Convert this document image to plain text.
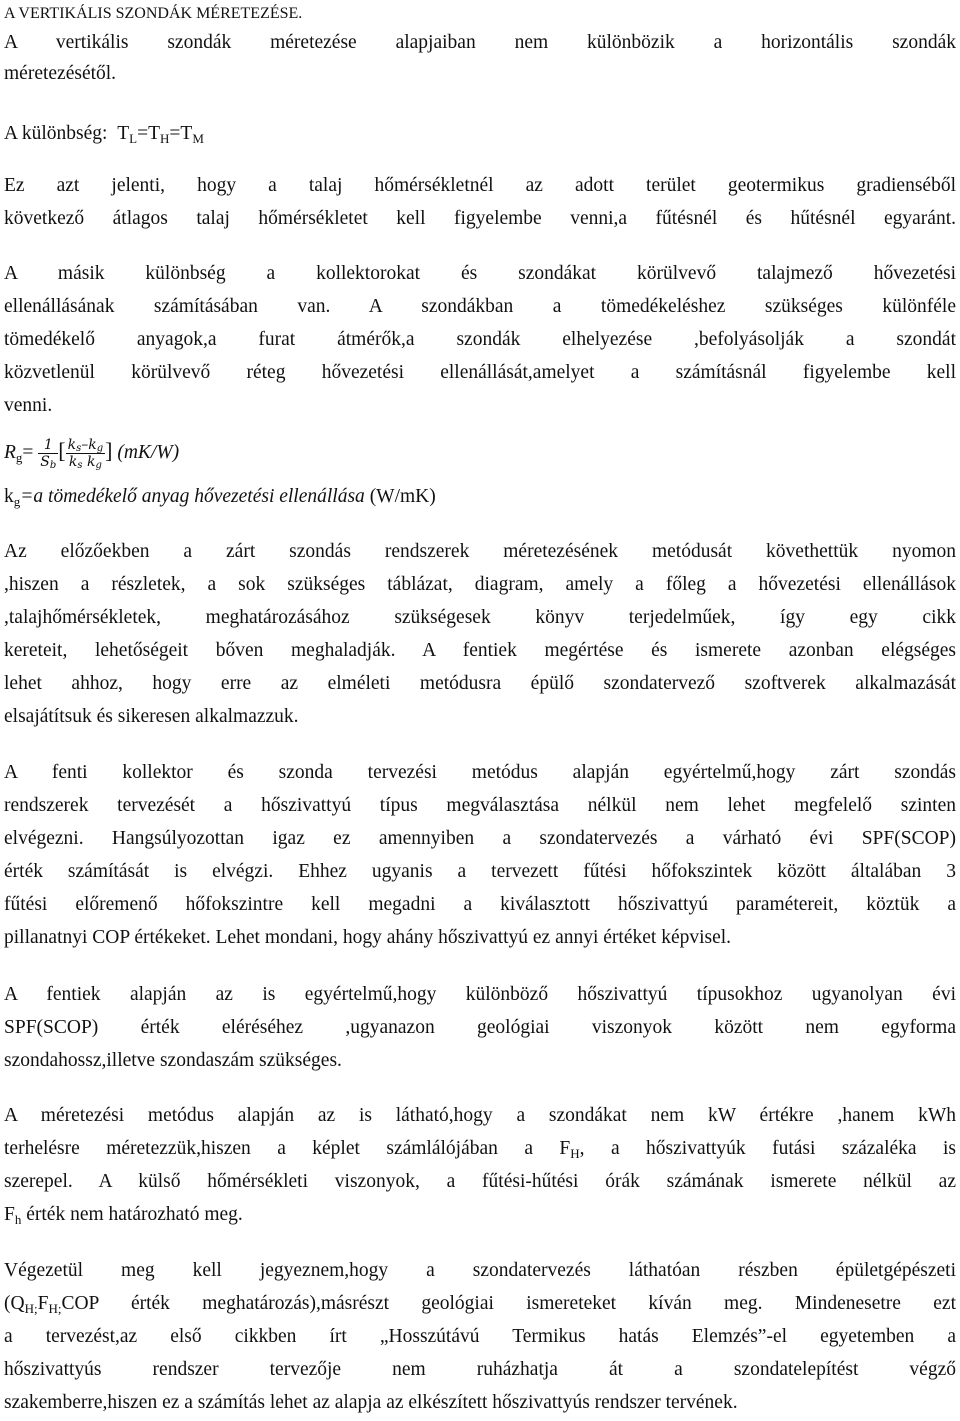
A VERTIKÁLIS SZONDÁK MÉRETEZÉSE.
A vertikális szondák méretezése alapjaiban nem különbözik a horizontális szondák
méretezésétől.
A különbség: $T_L=T_H=T_M$
Ez azt jelenti, hogy a talaj hőmérsékletnél az adott terület geotermikus gradienséből
következő átlagos talaj hőmérsékletet kell figyelembe venni,a fűtésnél és hűtésnél egyaránt.
A másik különbség a kollektorokat és szondákat körülvevő talajmező hővezetési
ellenállásának számításában van. A szondákban a tömedékeléshez szükséges különféle
tömedékelő anyagok,a furat átmérők,a szondák elhelyezése ,befolyásolják a szondát
közvetlenül körülvevő réteg hővezetési ellenállását,amelyet a számításnál figyelembe kell
venni.
$R_g= \frac{1}{S_b}$ [ $\frac{k_s-k_g}{k_s k_g}$ ] (mK/W)
$k_g=a$ tömedékelő anyag hővezetési ellenállása (W/mK)
Az előzőekben a zárt szondás rendszerek méretezésének metódusát követhettük nyomon
,hiszen a részletek, a sok szükséges táblázat, diagram, amely a főleg a hővezetési ellenállások
,talajhőmérsékletek, meghatározásához szükségesek könyv terjedelműek, így egy cikk
kereteit, lehetőségeit bőven meghaladják. A fentiek megértése és ismerete azonban elégséges
lehet ahhoz, hogy erre az elméleti metódusra épülő szondatervező szoftverek alkalmazását
elsajátítsuk és sikeresen alkalmazzuk.
A fenti kollektor és szonda tervezési metódus alapján egyértelmű,hogy zárt szondás
rendszerek tervezését a hőszivattyú típus megválasztása nélkül nem lehet megfelelő szinten
elvégezni. Hangsúlyozottan igaz ez amennyiben a szondatervezés a várható évi SPF(SCOP)
érték számítását is elvégzi. Ehhez ugyanis a tervezett fűtési hőfokszintek között általában 3
fűtési előremenő hőfokszintre kell megadni a kiválasztott hőszivattyú paramétereit, köztük a
pillanatnyi COP értékeket. Lehet mondani, hogy ahány hőszivattyú ez annyi értéket képvisel.
A fentiek alapján az is egyértelmű,hogy különböző hőszivattyú típusokhoz ugyanolyan évi
SPF(SCOP) érték eléréséhez ,ugyanazon geológiai viszonyok között nem egyforma
szondahossz,illetve szondaszám szükséges.
A méretezési metódus alapján az is látható,hogy a szondákat nem kW értékre ,hanem kWh
terhelésre méretezzük,hiszen a képlet számlálójában a $F_H$, a hőszivattyúk futási százaléka is
szerepel. A külső hőmérsékleti viszonyok, a fűtési-hűtési órák számának ismerete nélkül az
$F_h$ érték nem határozható meg.
Végezetül meg kell jegyeznem,hogy a szondatervezés láthatóan részben épületgépészeti
($Q_{H;}F_{H;}COP$ érték meghatározás),másrészt geológiai ismereteket kíván meg. Mindenesetre ezt
a tervezést,az első cikkben írt „Hosszútávú Termikus hatás Elemzés”-el egyetemben a
hőszivattyús rendszer tervezője nem ruházhatja át a szondatelepítést végző
szakemberre,hiszen ez a számítás lehet az alapja az elkészített hőszivattyús rendszer tervének.
